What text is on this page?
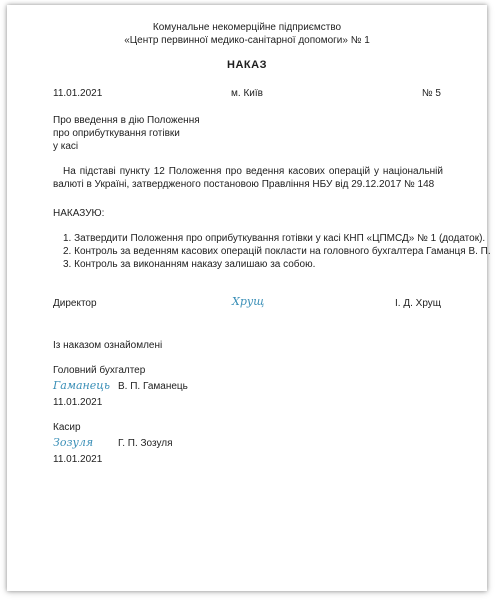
Комунальне некомерційне підприємство
«Центр первинної медико-санітарної допомоги» № 1
НАКАЗ
11.01.2021	м. Київ	№ 5
Про введення в дію Положення
про оприбуткування готівки
у касі
На підставі пункту 12 Положення про ведення касових операцій у національній валюті в Україні, затвердженого постановою Правління НБУ від 29.12.2017 № 148
НАКАЗУЮ:
1. Затвердити Положення про оприбуткування готівки у касі КНП «ЦПМСД» № 1 (додаток).
2. Контроль за веденням касових операцій покласти на головного бухгалтера Гаманця В. П.
3. Контроль за виконанням наказу залишаю за собою.
Директор	Хрущ	І. Д. Хрущ
Із наказом ознайомлені
Головний бухгалтер
Гаманець В. П. Гаманець
11.01.2021
Касир
Зозуля Г. П. Зозуля
11.01.2021
